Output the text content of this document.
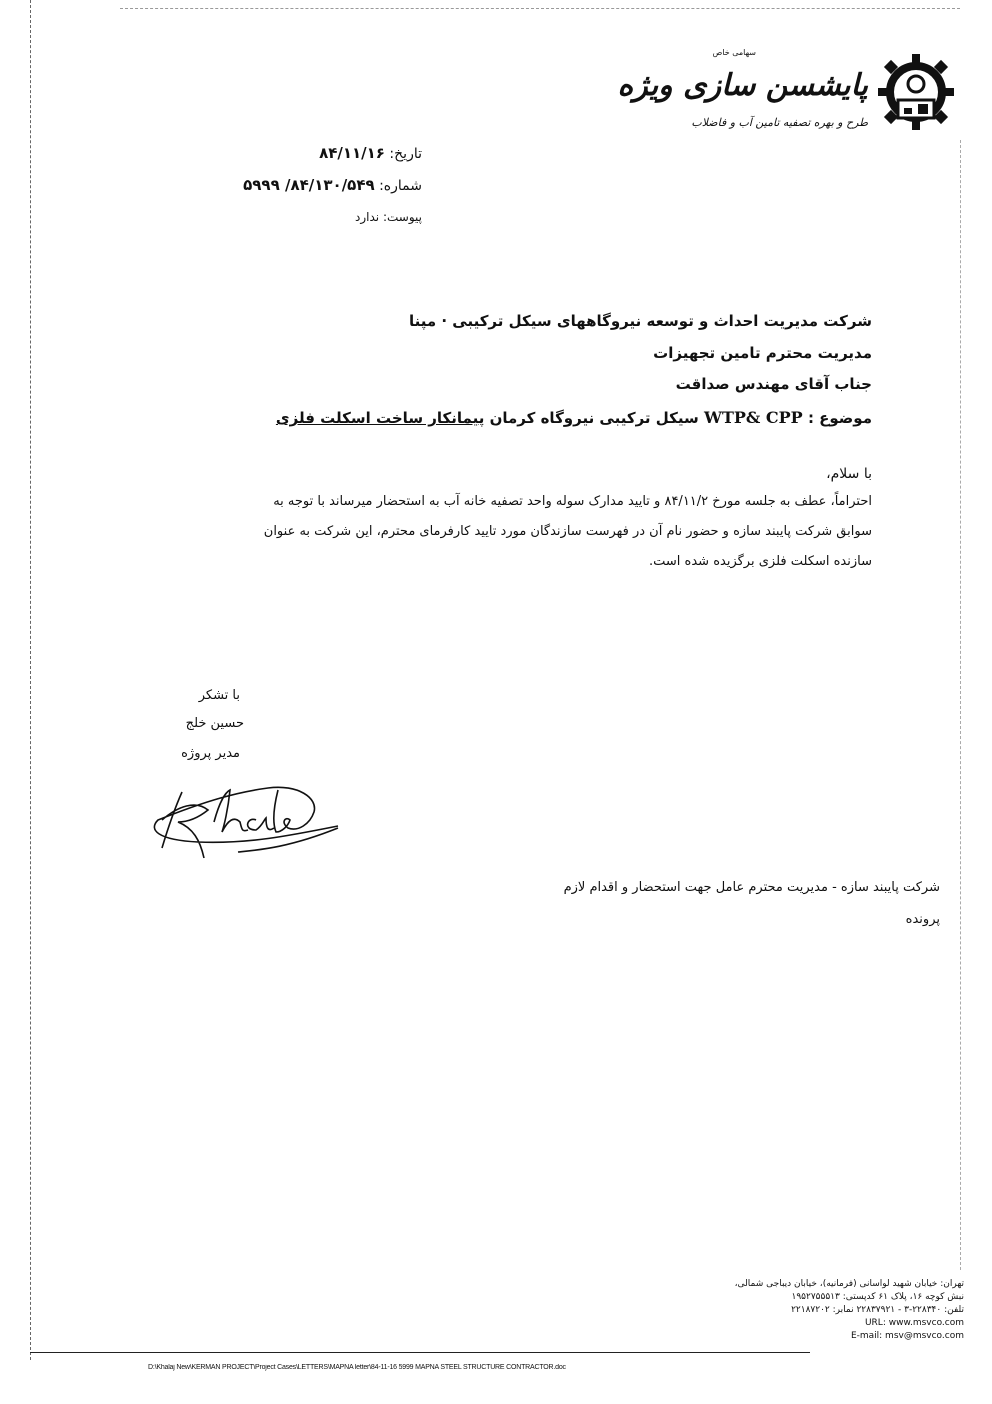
سهامی خاص
پایشسن سازی ویژه
طرح و بهره تصفیه تامین آب و فاضلاب
تاریخ: ۸۴/۱۱/۱۶
شماره: ۸۴/۱۳۰/۵۴۹/ ۵۹۹۹
پیوست: ندارد
شرکت مدیریت احداث و توسعه نیروگاههای سیکل ترکیبی · مپنا
مدیریت محترم تامین تجهیزات
جناب آقای مهندس صداقت
موضوع : WTP& CPP سیکل ترکیبی نیروگاه کرمان پیمانکار ساخت اسکلت فلزی
با سلام،
احتراماً، عطف به جلسه مورخ ۸۴/۱۱/۲ و تایید مدارک سوله واحد تصفیه خانه آب به استحضار میرساند با توجه به
سوابق شرکت پایبند سازه و حضور نام آن در فهرست سازندگان مورد تایید کارفرمای محترم، این شرکت به عنوان
سازنده اسکلت فلزی برگزیده شده است.
با تشکر
حسین خلج
مدیر پروژه
شرکت پایبند سازه - مدیریت محترم عامل جهت استحضار و اقدام لازم
پرونده
تهران: خیابان شهید لواسانی (فرمانیه)، خیابان دیباجی شمالی،
نبش کوچه ۱۶، پلاک ۶۱ کدپستی: ۱۹۵۲۷۵۵۵۱۳
تلفن: ۲۲۸۳۴۰-۳ - ۲۲۸۳۷۹۲۱ نمابر: ۲۲۱۸۷۲۰۲
URL: www.msvco.com
E-mail: msv@msvco.com
D:\Khalaj New\KERMAN PROJECT\Project Cases\LETTERS\MAPNA letter\84-11-16 5999 MAPNA STEEL STRUCTURE CONTRACTOR.doc
